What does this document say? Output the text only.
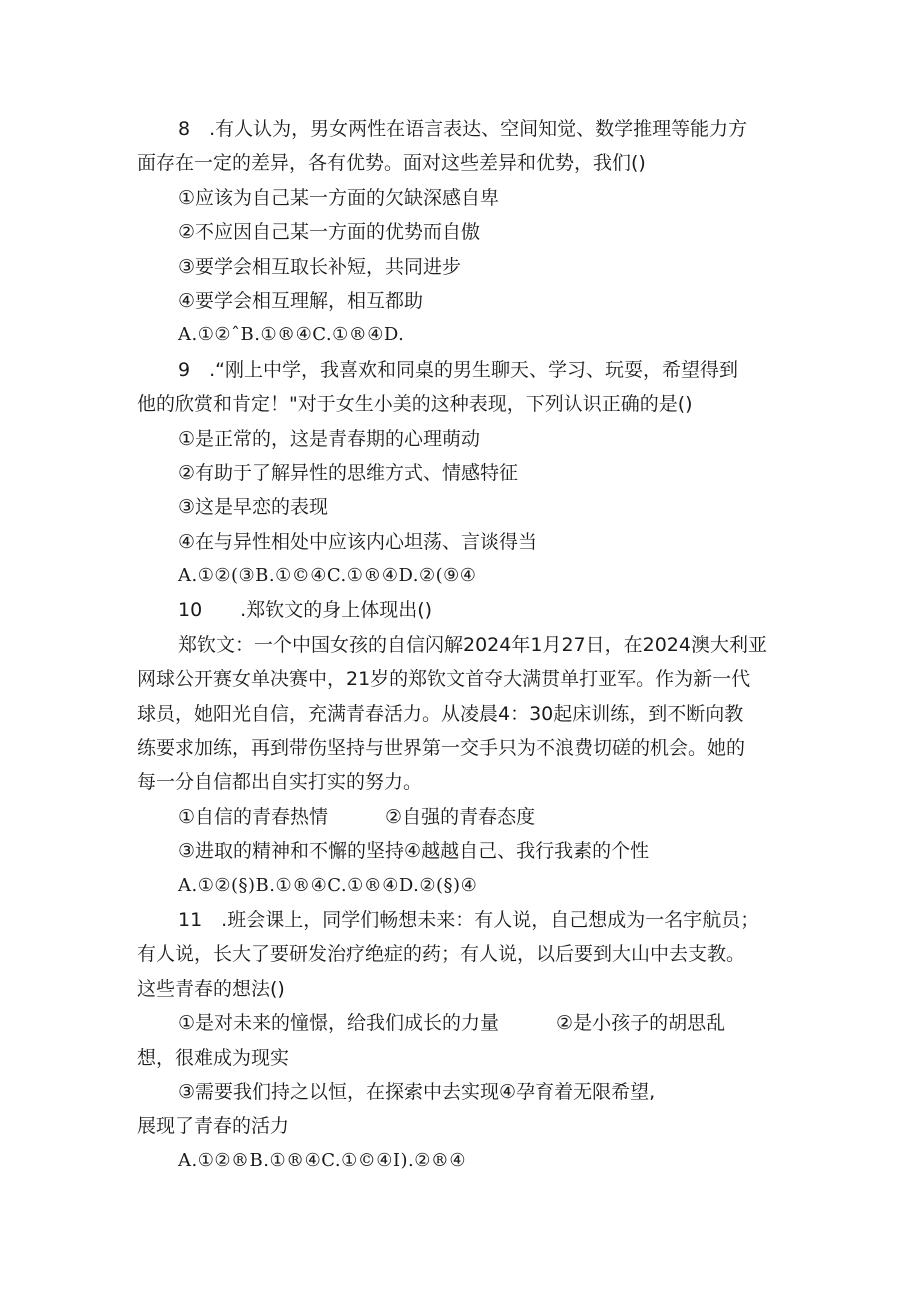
8 .有人认为，男女两性在语言表达、空间知觉、数学推理等能力方
面存在一定的差异，各有优势。面对这些差异和优势，我们()
①应该为自己某一方面的欠缺深感自卑
②不应因自己某一方面的优势而自傲
③要学会相互取长补短，共同进步
④要学会相互理解，相互都助
A.①②ˆB.①®④C.①®④D.
9 .“刚上中学，我喜欢和同桌的男生聊天、学习、玩耍，希望得到
他的欣赏和肯定！"对于女生小美的这种表现，下列认识正确的是()
①是正常的，这是青春期的心理萌动
②有助于了解异性的思维方式、情感特征
③这是早恋的表现
④在与异性相处中应该内心坦荡、言谈得当
A.①②(③B.①©④C.①®④D.②(⑨④
10  .郑钦文的身上体现出()
郑钦文：一个中国女孩的自信闪解2024年1月27日，在2024澳大利亚
网球公开赛女单决赛中，21岁的郑钦文首夺大满贯单打亚军。作为新一代
球员，她阳光自信，充满青春活力。从凌晨4：30起床训练，到不断向教
练要求加练，再到带伤坚持与世界第一交手只为不浪费切磋的机会。她的
每一分自信都出自实打实的努力。
①自信的青春热情   ②自强的青春态度
③进取的精神和不懈的坚持④越越自己、我行我素的个性
A.①②(§)B.①®④C.①®④D.②(§)④
11 .班会课上，同学们畅想未来：有人说，自己想成为一名宇航员；
有人说，长大了要研发治疗绝症的药；有人说，以后要到大山中去支教。
这些青春的想法()
①是对未来的憧憬，给我们成长的力量   ②是小孩子的胡思乱
想，很难成为现实
③需要我们持之以恒，在探索中去实现④孕育着无限希望,
展现了青春的活力
A.①②®B.①®④C.①©④I).②®④
